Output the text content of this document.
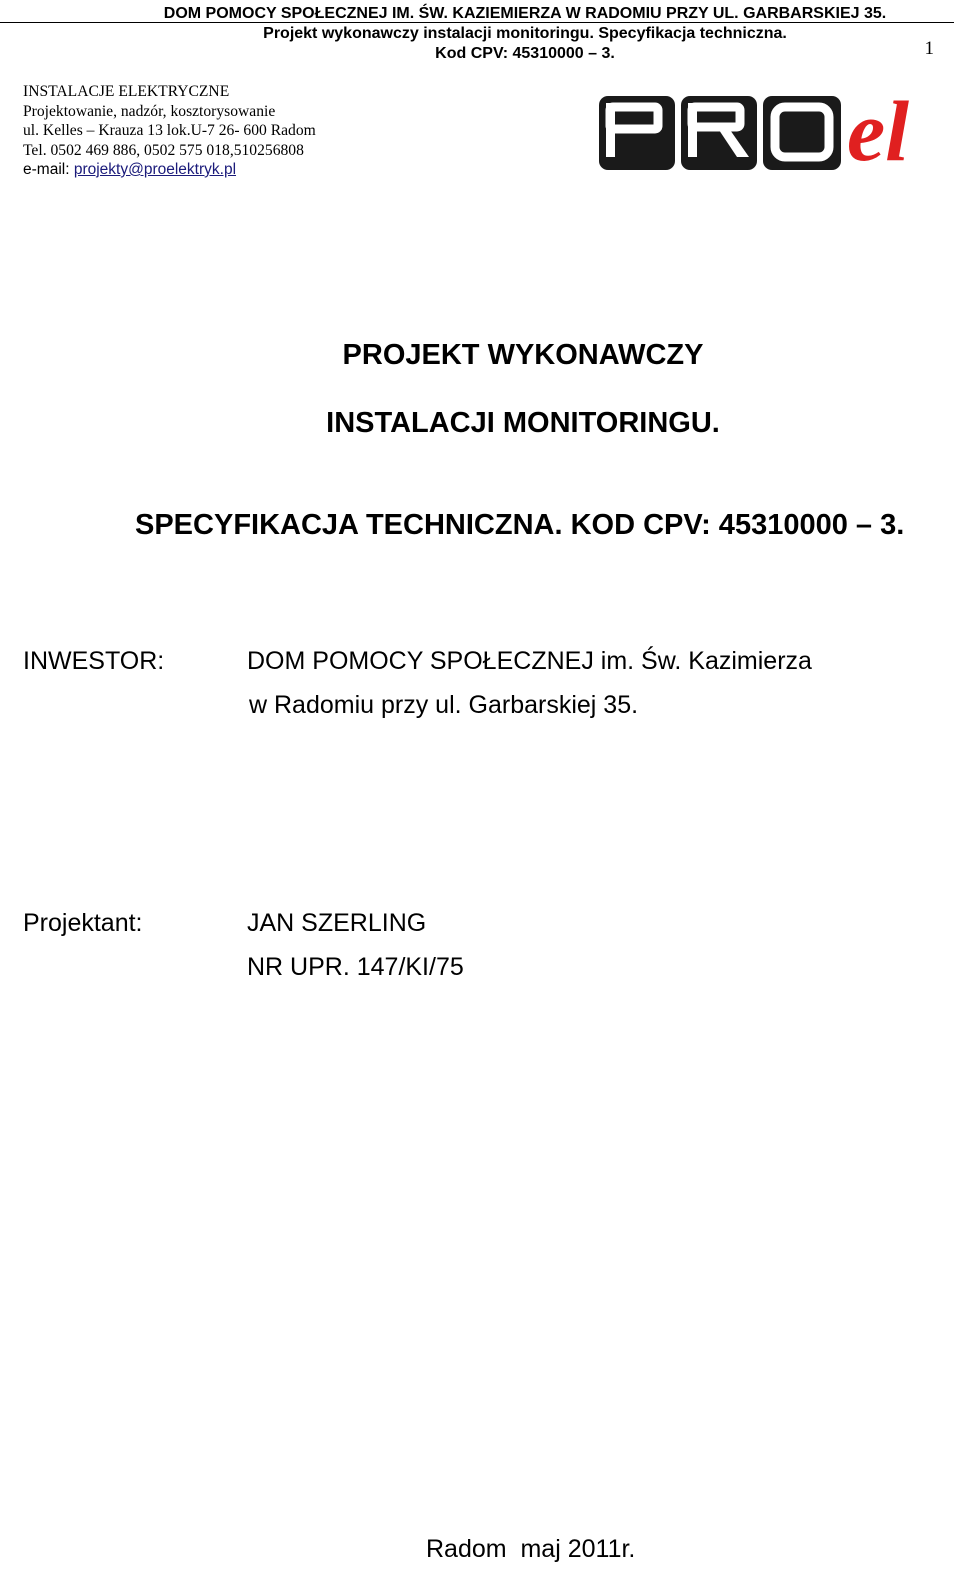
DOM POMOCY SPOŁECZNEJ IM. ŚW. KAZIEMIERZA W RADOMIU PRZY UL. GARBARSKIEJ 35.
Projekt wykonawczy instalacji monitoringu. Specyfikacja techniczna.
Kod CPV: 45310000 – 3.	1
INSTALACJE ELEKTRYCZNE
Projektowanie, nadzór, kosztorysowanie
ul. Kelles – Krauza 13 lok.U-7 26- 600 Radom
Tel. 0502 469 886, 0502 575 018,510256808
e-mail: projekty@proelektryk.pl	el
PROJEKT WYKONAWCZY
INSTALACJI MONITORINGU.
SPECYFIKACJA TECHNICZNA. KOD CPV: 45310000 – 3.
INWESTOR:	DOM POMOCY SPOŁECZNEJ im. Św. Kazimierza
w Radomiu przy ul. Garbarskiej 35.
Projektant:	JAN SZERLING
NR UPR. 147/KI/75
Radom  maj 2011r.
